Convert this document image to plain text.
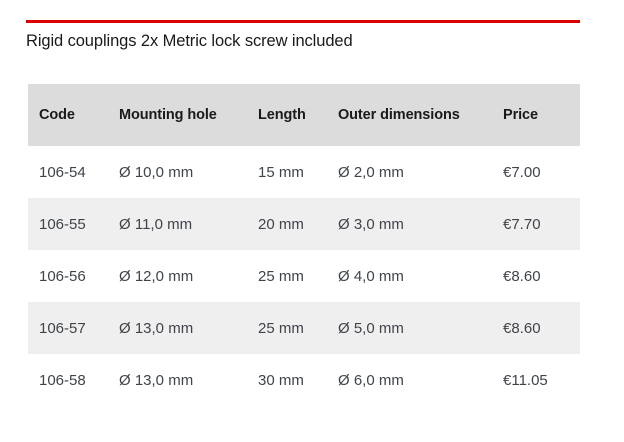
Rigid couplings 2x Metric lock screw included
Code	Mounting hole	Length	Outer dimensions	Price
106-54	Ø 10,0 mm	15 mm	Ø 2,0 mm	€7.00
106-55	Ø 11,0 mm	20 mm	Ø 3,0 mm	€7.70
106-56	Ø 12,0 mm	25 mm	Ø 4,0 mm	€8.60
106-57	Ø 13,0 mm	25 mm	Ø 5,0 mm	€8.60
106-58	Ø 13,0 mm	30 mm	Ø 6,0 mm	€11.05
